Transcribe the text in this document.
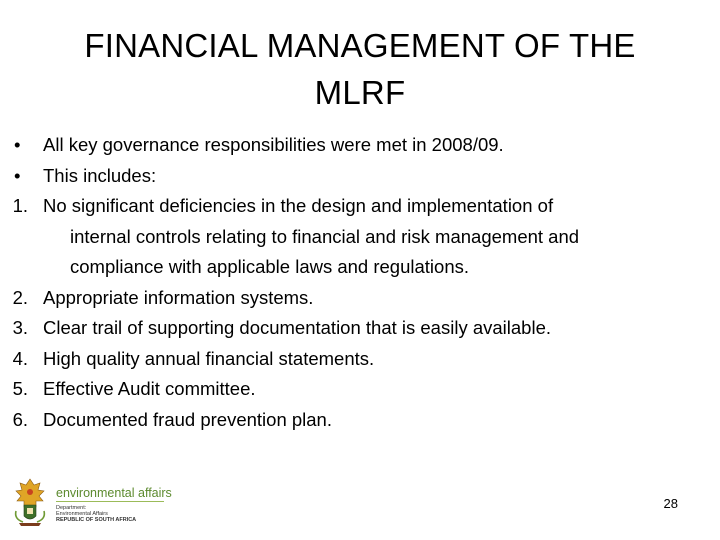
FINANCIAL MANAGEMENT OF THE
MLRF
• All key governance responsibilities were met in 2008/09.
• This includes:
1. No significant deficiencies in the design and implementation of
internal controls relating to financial and risk management and
compliance with applicable laws and regulations.
2. Appropriate information systems.
3. Clear trail of supporting documentation that is easily available.
4. High quality annual financial statements.
5. Effective Audit committee.
6. Documented fraud prevention plan.
environmental affairs
Department:
Environmental Affairs
REPUBLIC OF SOUTH AFRICA
28
